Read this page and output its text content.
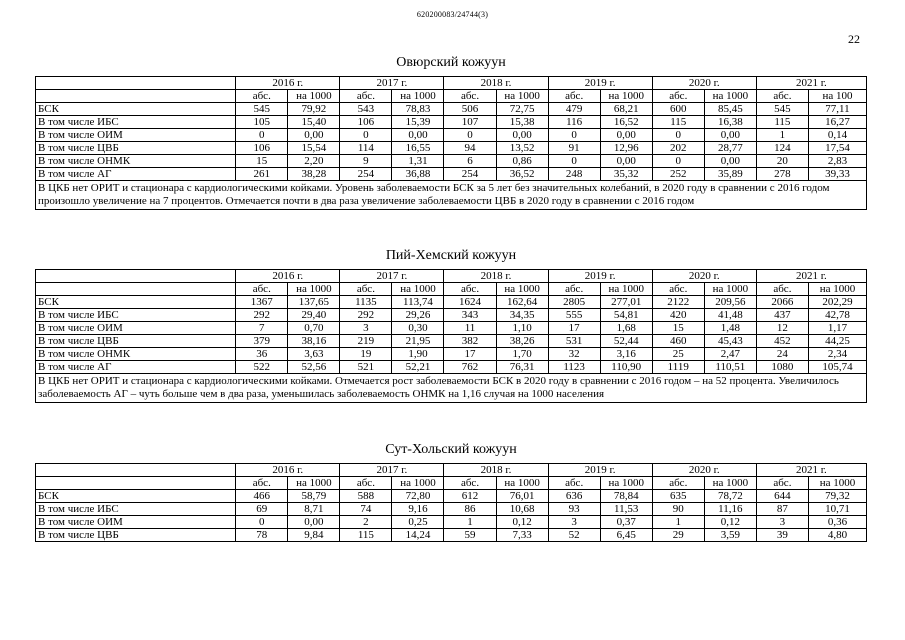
620200083/24744(3)
22
Овюрский кожуун
	2016 г.		2017 г.		2018 г.		2019 г.		2020 г.		2021 г.	
	абс.	на 1000	абс.	на 1000	абс.	на 1000	абс.	на 1000	абс.	на 1000	абс.	на 100
БСК	545	79,92	543	78,83	506	72,75	479	68,21	600	85,45	545	77,11
В том числе ИБС	105	15,40	106	15,39	107	15,38	116	16,52	115	16,38	115	16,27
В том числе ОИМ	0	0,00	0	0,00	0	0,00	0	0,00	0	0,00	1	0,14
В том числе ЦВБ	106	15,54	114	16,55	94	13,52	91	12,96	202	28,77	124	17,54
В том числе ОНМК	15	2,20	9	1,31	6	0,86	0	0,00	0	0,00	20	2,83
В том числе АГ	261	38,28	254	36,88	254	36,52	248	35,32	252	35,89	278	39,33
В ЦКБ нет ОРИТ и стационара с кардиологическими койками. Уровень заболеваемости БСК за 5 лет без значительных колебаний, в 2020 году в сравнении с 2016 годом произошло увеличение на 7 процентов. Отмечается почти в два раза увеличение заболеваемости ЦВБ в 2020 году в сравнении с 2016 годом												
Пий-Хемский кожуун
	2016 г.		2017 г.		2018 г.		2019 г.		2020 г.		2021 г.	
	абс.	на 1000	абс.	на 1000	абс.	на 1000	абс.	на 1000	абс.	на 1000	абс.	на 1000
БСК	1367	137,65	1135	113,74	1624	162,64	2805	277,01	2122	209,56	2066	202,29
В том числе ИБС	292	29,40	292	29,26	343	34,35	555	54,81	420	41,48	437	42,78
В том числе ОИМ	7	0,70	3	0,30	11	1,10	17	1,68	15	1,48	12	1,17
В том числе ЦВБ	379	38,16	219	21,95	382	38,26	531	52,44	460	45,43	452	44,25
В том числе ОНМК	36	3,63	19	1,90	17	1,70	32	3,16	25	2,47	24	2,34
В том числе АГ	522	52,56	521	52,21	762	76,31	1123	110,90	1119	110,51	1080	105,74
В ЦКБ нет ОРИТ и стационара с кардиологическими койками. Отмечается рост заболеваемости БСК в 2020 году в сравнении с 2016 годом – на 52 процента. Увеличилось заболеваемость АГ – чуть больше чем в два раза, уменьшилась заболеваемость ОНМК на 1,16 случая на 1000 населения												
Сут-Хольский кожуун
	2016 г.		2017 г.		2018 г.		2019 г.		2020 г.		2021 г.	
	абс.	на 1000	абс.	на 1000	абс.	на 1000	абс.	на 1000	абс.	на 1000	абс.	на 1000
БСК	466	58,79	588	72,80	612	76,01	636	78,84	635	78,72	644	79,32
В том числе ИБС	69	8,71	74	9,16	86	10,68	93	11,53	90	11,16	87	10,71
В том числе ОИМ	0	0,00	2	0,25	1	0,12	3	0,37	1	0,12	3	0,36
В том числе ЦВБ	78	9,84	115	14,24	59	7,33	52	6,45	29	3,59	39	4,80
